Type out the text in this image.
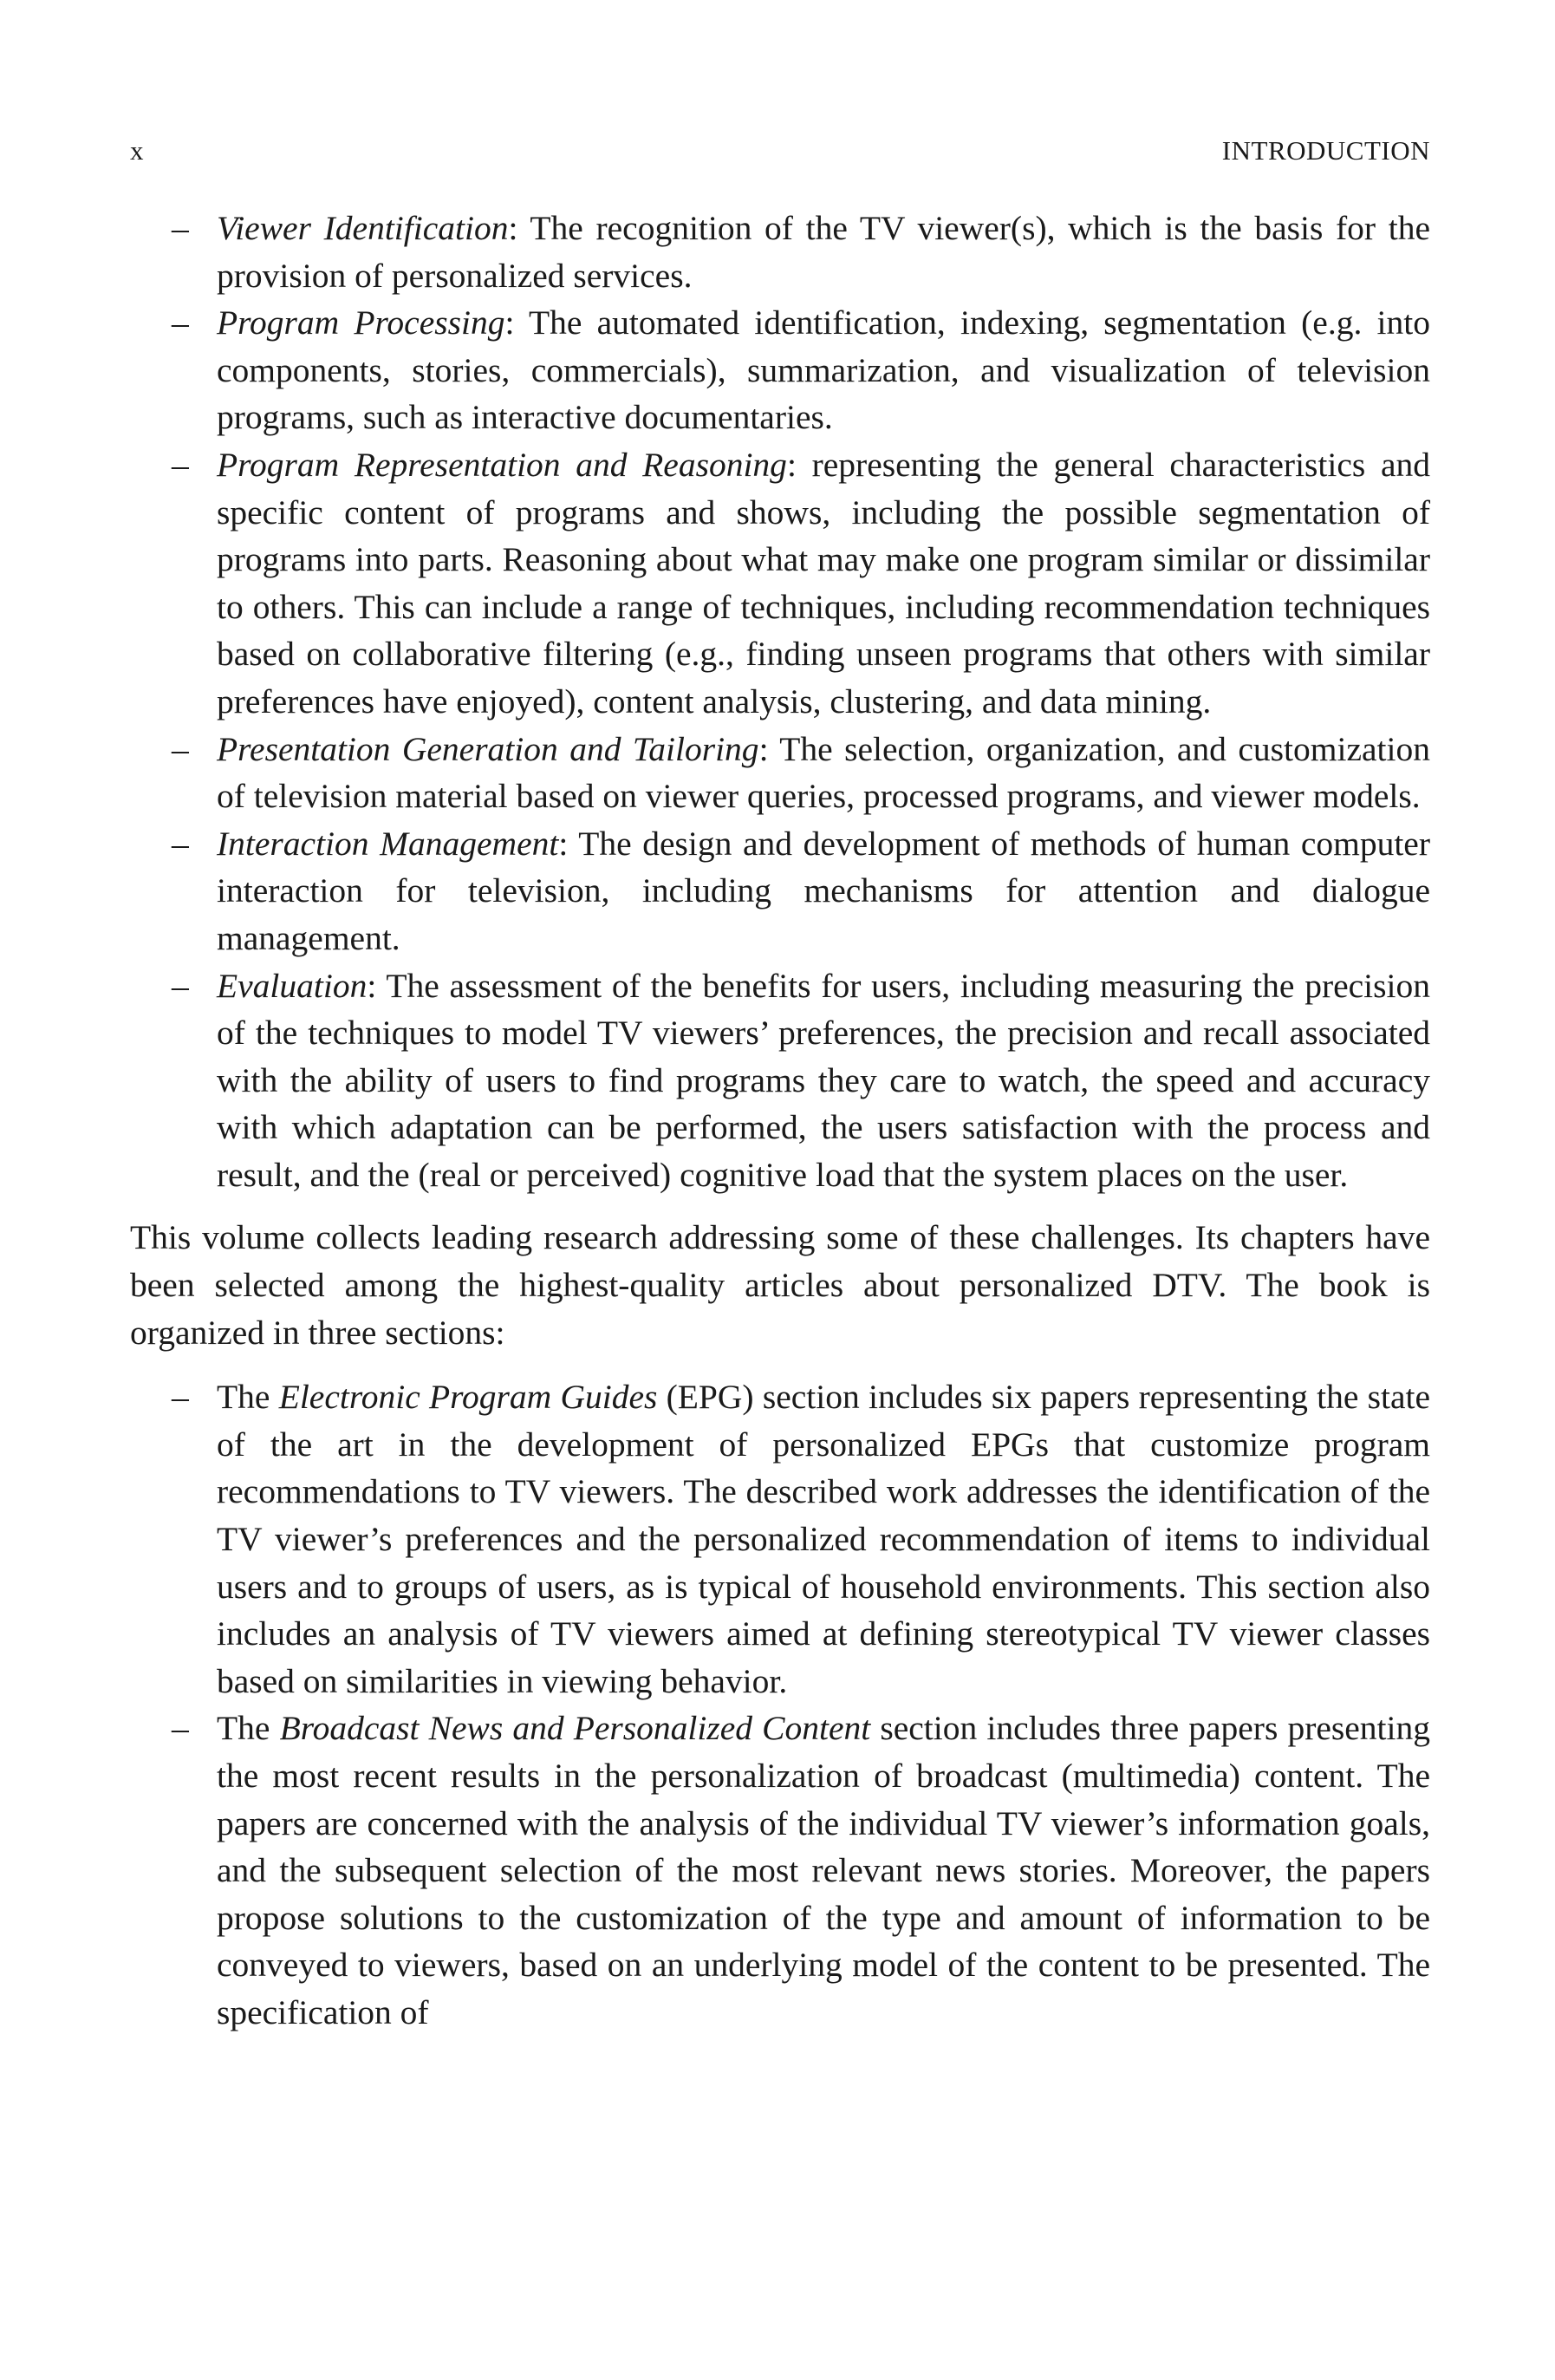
x	INTRODUCTION
– Viewer Identification: The recognition of the TV viewer(s), which is the basis for the provision of personalized services.
– Program Processing: The automated identification, indexing, segmentation (e.g. into components, stories, commercials), summarization, and visualization of television programs, such as interactive documentaries.
– Program Representation and Reasoning: representing the general characteristics and specific content of programs and shows, including the possible segmentation of programs into parts. Reasoning about what may make one program similar or dissimilar to others. This can include a range of techniques, including recommendation techniques based on collaborative filtering (e.g., finding unseen programs that others with similar preferences have enjoyed), content analysis, clustering, and data mining.
– Presentation Generation and Tailoring: The selection, organization, and customization of television material based on viewer queries, processed programs, and viewer models.
– Interaction Management: The design and development of methods of human computer interaction for television, including mechanisms for attention and dialogue management.
– Evaluation: The assessment of the benefits for users, including measuring the precision of the techniques to model TV viewers’ preferences, the precision and recall associated with the ability of users to find programs they care to watch, the speed and accuracy with which adaptation can be performed, the users satisfaction with the process and result, and the (real or perceived) cognitive load that the system places on the user.

This volume collects leading research addressing some of these challenges. Its chapters have been selected among the highest-quality articles about personalized DTV. The book is organized in three sections:

– The Electronic Program Guides (EPG) section includes six papers representing the state of the art in the development of personalized EPGs that customize program recommendations to TV viewers. The described work addresses the identification of the TV viewer’s preferences and the personalized recommendation of items to individual users and to groups of users, as is typical of household environments. This section also includes an analysis of TV viewers aimed at defining stereotypical TV viewer classes based on similarities in viewing behavior.
– The Broadcast News and Personalized Content section includes three papers presenting the most recent results in the personalization of broadcast (multimedia) content. The papers are concerned with the analysis of the individual TV viewer’s information goals, and the subsequent selection of the most relevant news stories. Moreover, the papers propose solutions to the customization of the type and amount of information to be conveyed to viewers, based on an underlying model of the content to be presented. The specification of
